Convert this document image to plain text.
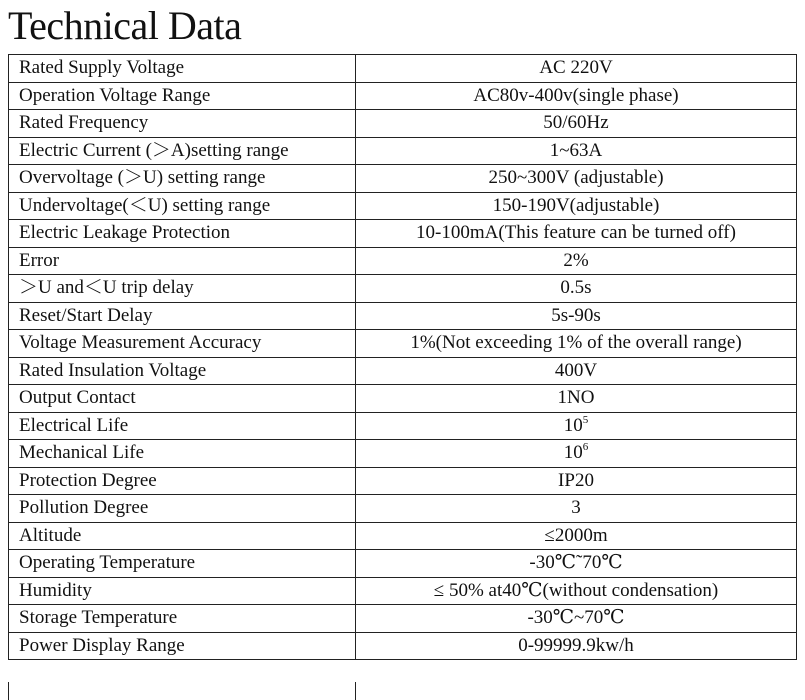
Technical Data
Rated Supply Voltage	AC 220V
Operation Voltage Range	AC80v-400v(single phase)
Rated Frequency	50/60Hz
Electric Current (＞A)setting range	1~63A
Overvoltage (＞U) setting range	250~300V (adjustable)
Undervoltage(＜U) setting range	150-190V(adjustable)
Electric Leakage Protection	10-100mA(This feature can be turned off)
Error	2%
＞U and＜U trip delay	0.5s
Reset/Start Delay	5s-90s
Voltage Measurement Accuracy	1%(Not exceeding 1% of the overall range)
Rated Insulation Voltage	400V
Output Contact	1NO
Electrical Life	$10^5$
Mechanical Life	$10^6$
Protection Degree	IP20
Pollution Degree	3
Altitude	≤2000m
Operating Temperature	-30℃˜70℃
Humidity	≤ 50% at40℃(without condensation)
Storage Temperature	-30℃~70℃
Power Display Range	0-99999.9kw/h
